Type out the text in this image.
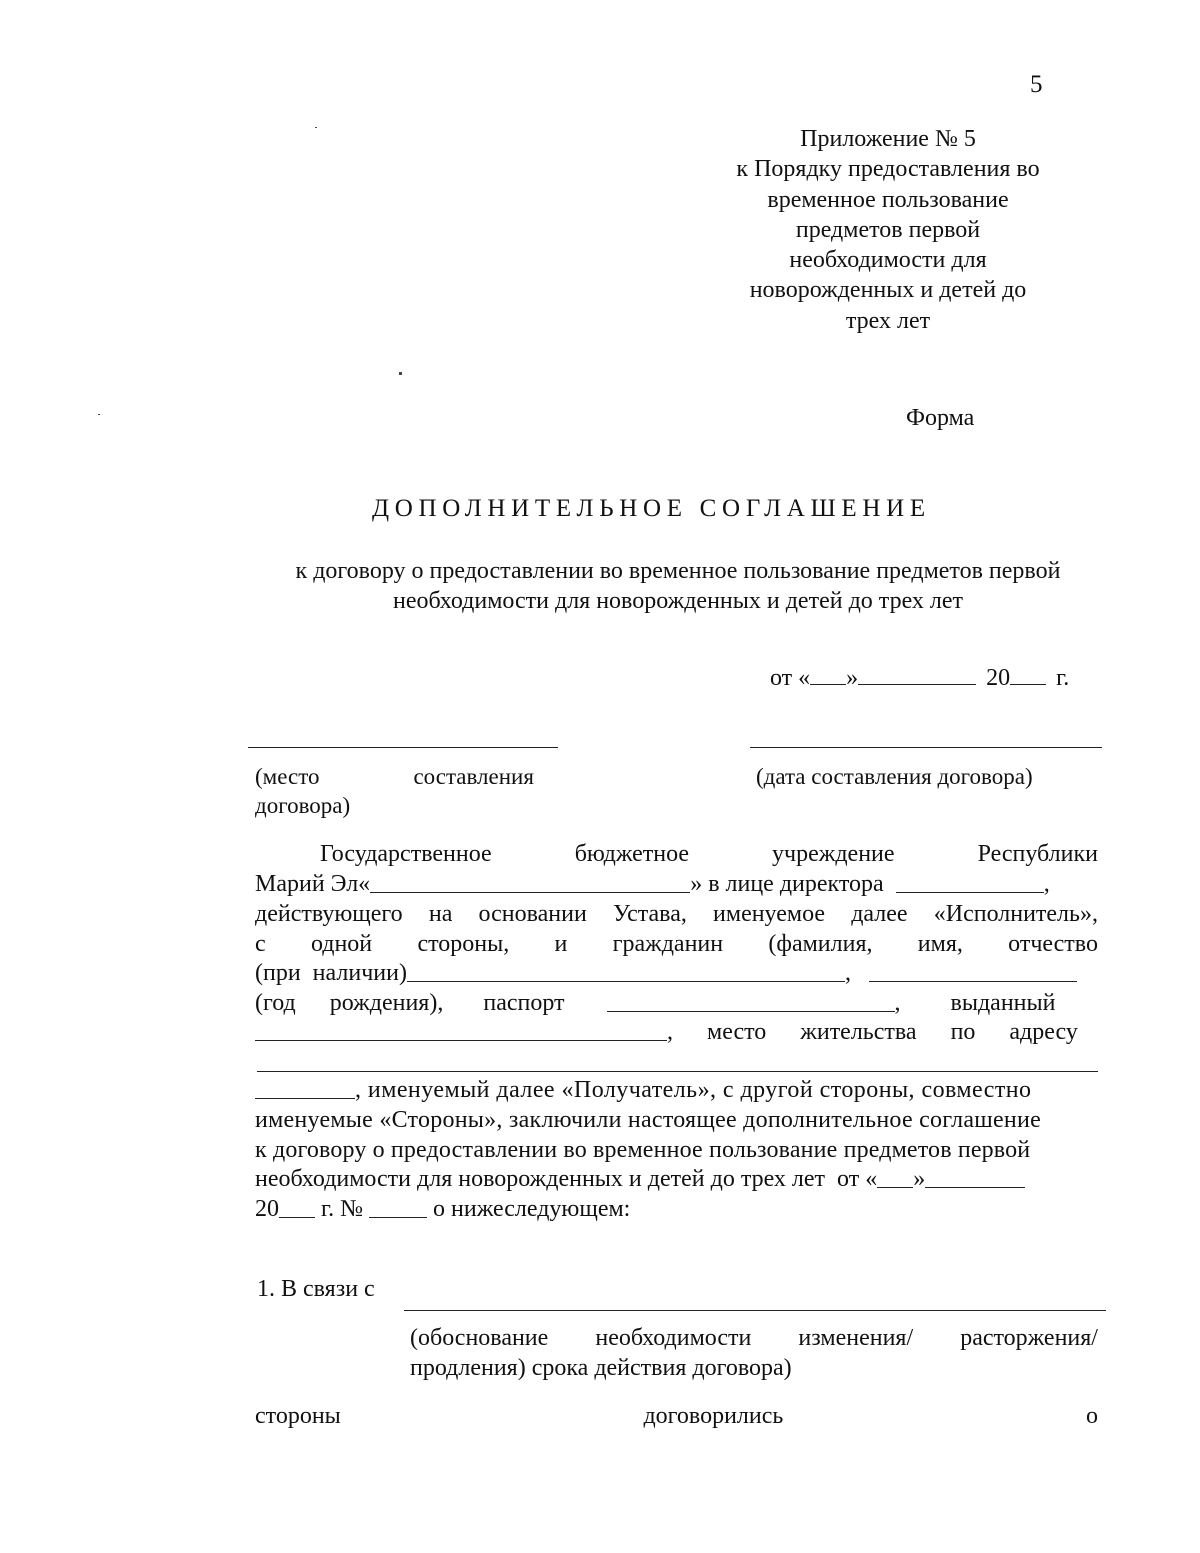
5
Приложение № 5
к Порядку предоставления во
временное пользование
предметов первой
необходимости для
новорожденных и детей до
трех лет
Форма
ДОПОЛНИТЕЛЬНОЕ СОГЛАШЕНИЕ
к договору о предоставлении во временное пользование предметов первой
необходимости для новорожденных и детей до трех лет
от « »	20 г.
(место	составления
договора)
(дата составления договора)
Государственное	бюджетное	учреждение	Республики
Марий Эл«	» в лице директора	,
действующего на основании Устава, именуемое далее «Исполнитель»,
с одной стороны, и гражданин (фамилия, имя, отчество
(при  наличии)	,
(год рождения), паспорт	, выданный
, место жительства по адресу
, именуемый далее «Получатель», с другой стороны, совместно
именуемые «Стороны», заключили настоящее дополнительное соглашение
к договору о предоставлении во временное пользование предметов первой
необходимости для новорожденных и детей до трех лет  от « »
20 г. № о нижеследующем:
1. В связи с
(обоснование необходимости изменения/ расторжения/
продления) срока действия договора)
стороны	договорились	о
